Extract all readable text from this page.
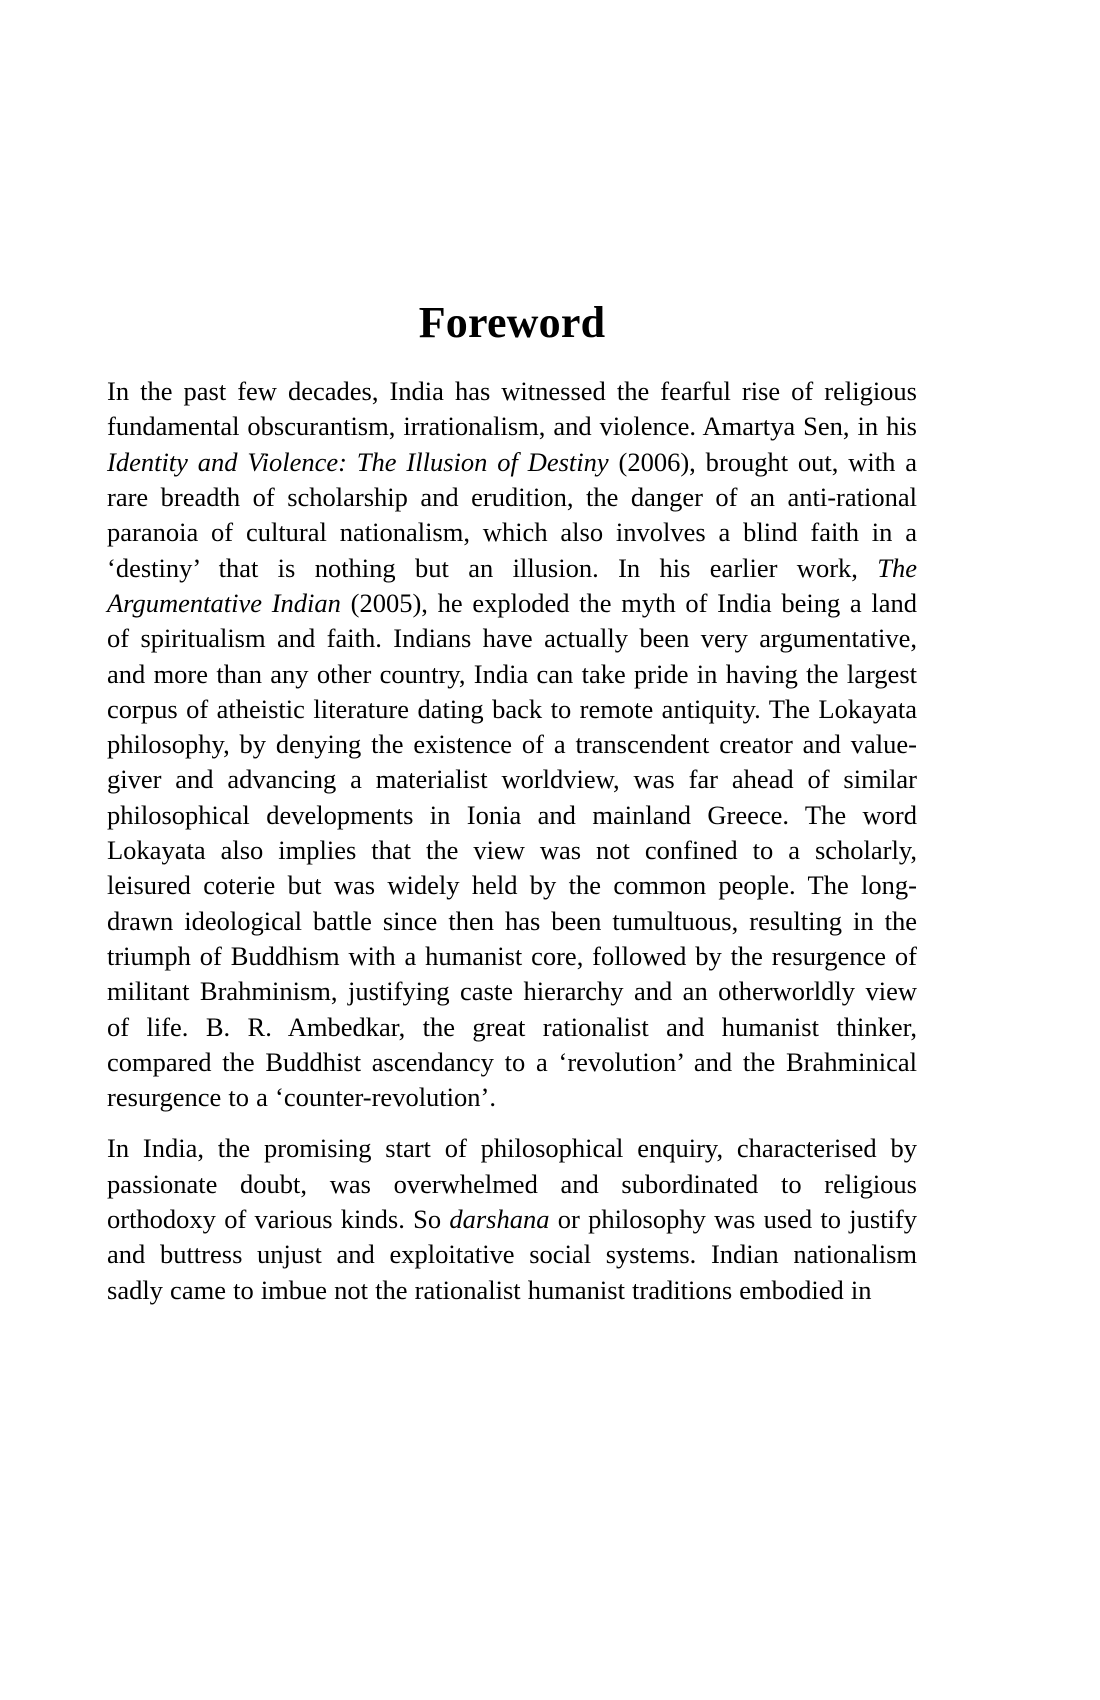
Foreword

In the past few decades, India has witnessed the fearful rise of religious fundamental obscurantism, irrationalism, and violence. Amartya Sen, in his Identity and Violence: The Illusion of Destiny (2006), brought out, with a rare breadth of scholarship and erudition, the danger of an anti-rational paranoia of cultural nationalism, which also involves a blind faith in a ‘destiny’ that is nothing but an illusion. In his earlier work, The Argumentative Indian (2005), he exploded the myth of India being a land of spiritualism and faith. Indians have actually been very argumentative, and more than any other country, India can take pride in having the largest corpus of atheistic literature dating back to remote antiquity. The Lokayata philosophy, by denying the existence of a transcendent creator and value-giver and advancing a materialist worldview, was far ahead of similar philosophical developments in Ionia and mainland Greece. The word Lokayata also implies that the view was not confined to a scholarly, leisured coterie but was widely held by the common people. The long-drawn ideological battle since then has been tumultuous, resulting in the triumph of Buddhism with a humanist core, followed by the resurgence of militant Brahminism, justifying caste hierarchy and an otherworldly view of life. B. R. Ambedkar, the great rationalist and humanist thinker, compared the Buddhist ascendancy to a ‘revolution’ and the Brahminical resurgence to a ‘counter-revolution’.

In India, the promising start of philosophical enquiry, characterised by passionate doubt, was overwhelmed and subordinated to religious orthodoxy of various kinds. So darshana or philosophy was used to justify and buttress unjust and exploitative social systems. Indian nationalism sadly came to imbue not the rationalist humanist traditions embodied in
